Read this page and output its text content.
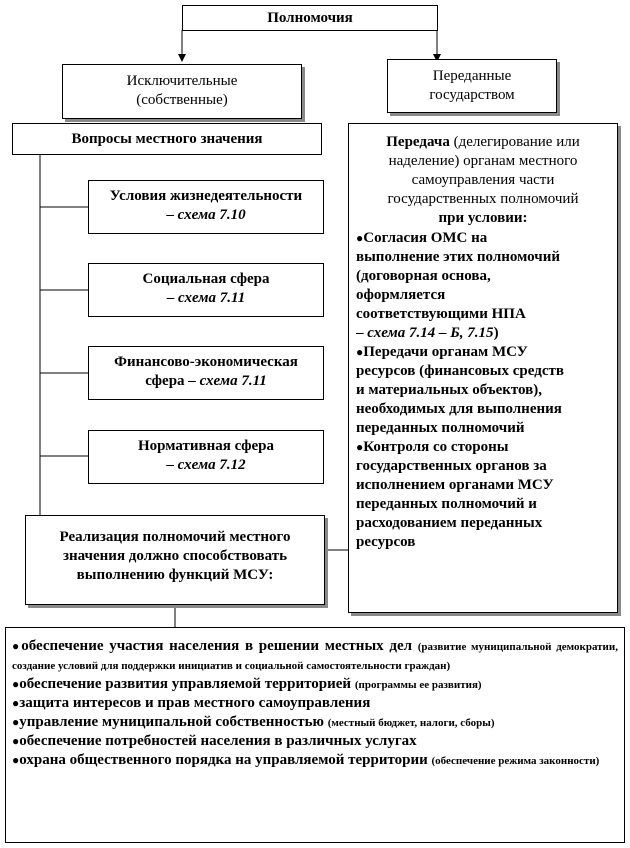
Полномочия
Исключительные
(собственные)
Переданные
государством
Вопросы местного значения
Условия жизнедеятельности
– схема 7.10
Социальная сфера
– схема 7.11
Финансово-экономическая
сфера – схема 7.11
Нормативная сфера
– схема 7.12
Передача (делегирование или
наделение) органам местного
самоуправления части
государственных полномочий
при условии:
●Согласия ОМС на
выполнение этих полномочий
(договорная основа,
оформляется
соответствующими НПА
– схема 7.14 – Б, 7.15)
●Передачи органам МСУ
ресурсов (финансовых средств
и материальных объектов),
необходимых для выполнения
переданных полномочий
●Контроля со стороны
государственных органов за
исполнением органами МСУ
переданных полномочий и
расходованием переданных
ресурсов
Реализация полномочий местного
значения должно способствовать
выполнению функций МСУ:
●обеспечение участия населения в решении местных дел (развитие муниципальной демократии, создание условий для поддержки инициатив и социальной самостоятельности граждан)
●обеспечение развития управляемой территорией (программы ее развития)
●защита интересов и прав местного самоуправления
●управление муниципальной собственностью (местный бюджет, налоги, сборы)
●обеспечение потребностей населения в различных услугах
●охрана общественного порядка на управляемой территории (обеспечение режима законности)
